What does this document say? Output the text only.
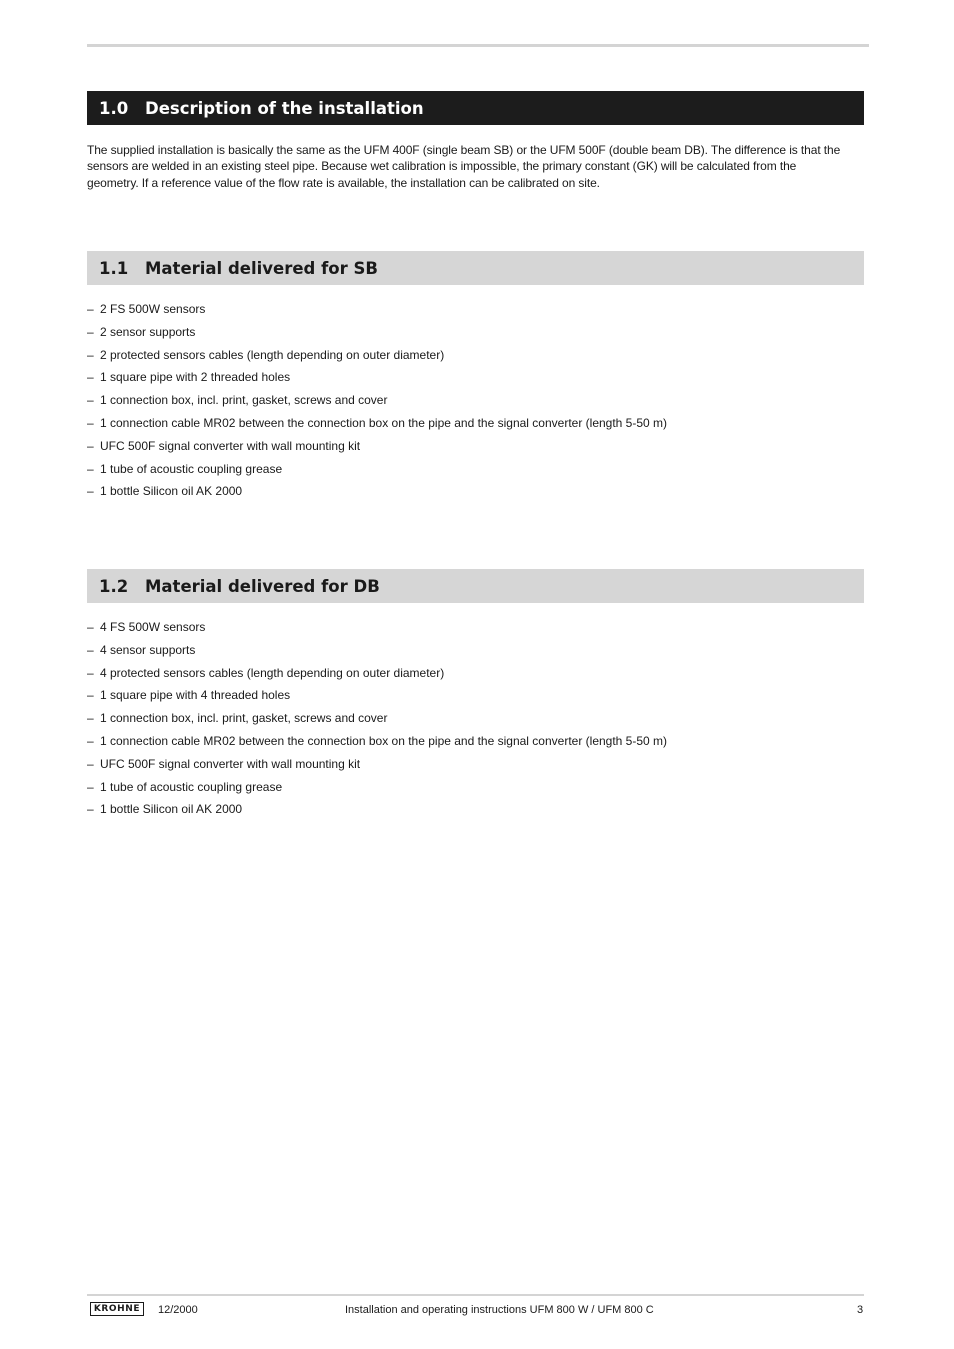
1.0	Description of the installation
The supplied installation is basically the same as the UFM 400F (single beam SB) or the UFM 500F (double beam DB). The difference is that the sensors are welded in an existing steel pipe. Because wet calibration is impossible, the primary constant (GK) will be calculated from the geometry. If a reference value of the flow rate is available, the installation can be calibrated on site.
1.1	Material delivered for SB
– 2 FS 500W sensors
– 2 sensor supports
– 2 protected sensors cables (length depending on outer diameter)
– 1 square pipe with 2 threaded holes
– 1 connection box, incl. print, gasket, screws and cover
– 1 connection cable MR02 between the connection box on the pipe and the signal converter (length 5-50 m)
– UFC 500F signal converter with wall mounting kit
– 1 tube of acoustic coupling grease
– 1 bottle Silicon oil AK 2000
1.2	Material delivered for DB
– 4 FS 500W sensors
– 4 sensor supports
– 4 protected sensors cables (length depending on outer diameter)
– 1 square pipe with 4 threaded holes
– 1 connection box, incl. print, gasket, screws and cover
– 1 connection cable MR02 between the connection box on the pipe and the signal converter (length 5-50 m)
– UFC 500F signal converter with wall mounting kit
– 1 tube of acoustic coupling grease
– 1 bottle Silicon oil AK 2000
KROHNE 12/2000	Installation and operating instructions UFM 800 W / UFM 800 C	3
